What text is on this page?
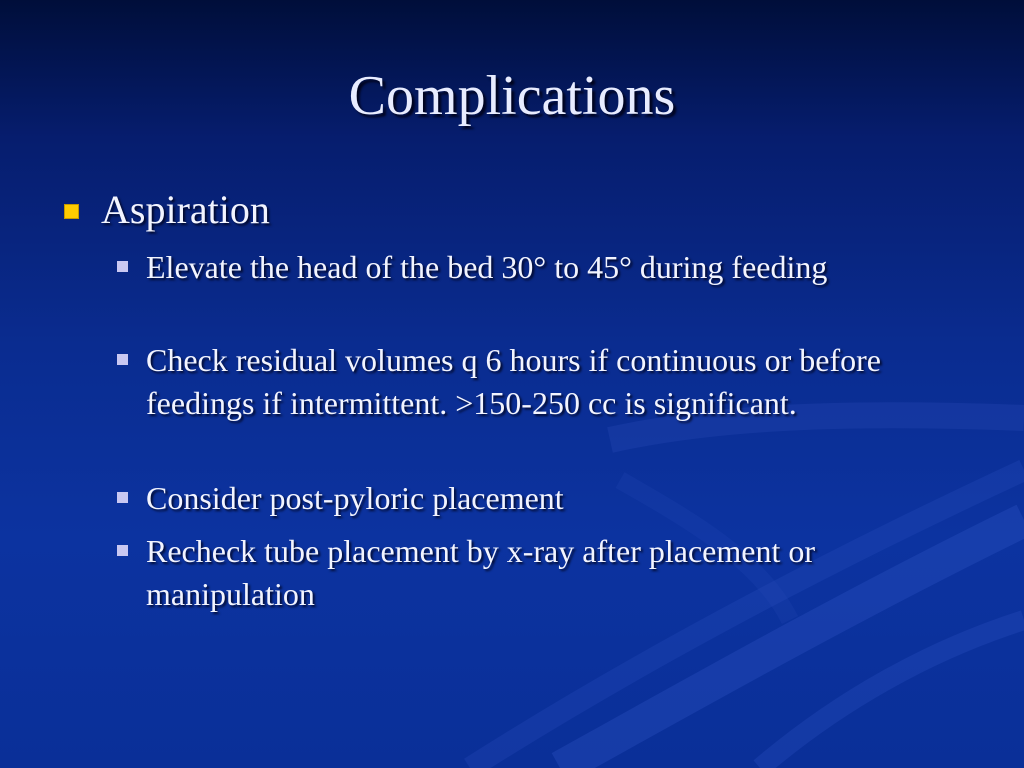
Complications
Aspiration
Elevate the head of the bed 30° to 45° during feeding
Check residual volumes q 6 hours if continuous or before feedings if intermittent. >150-250 cc is significant.
Consider post-pyloric placement
Recheck tube placement by x-ray after placement or manipulation
